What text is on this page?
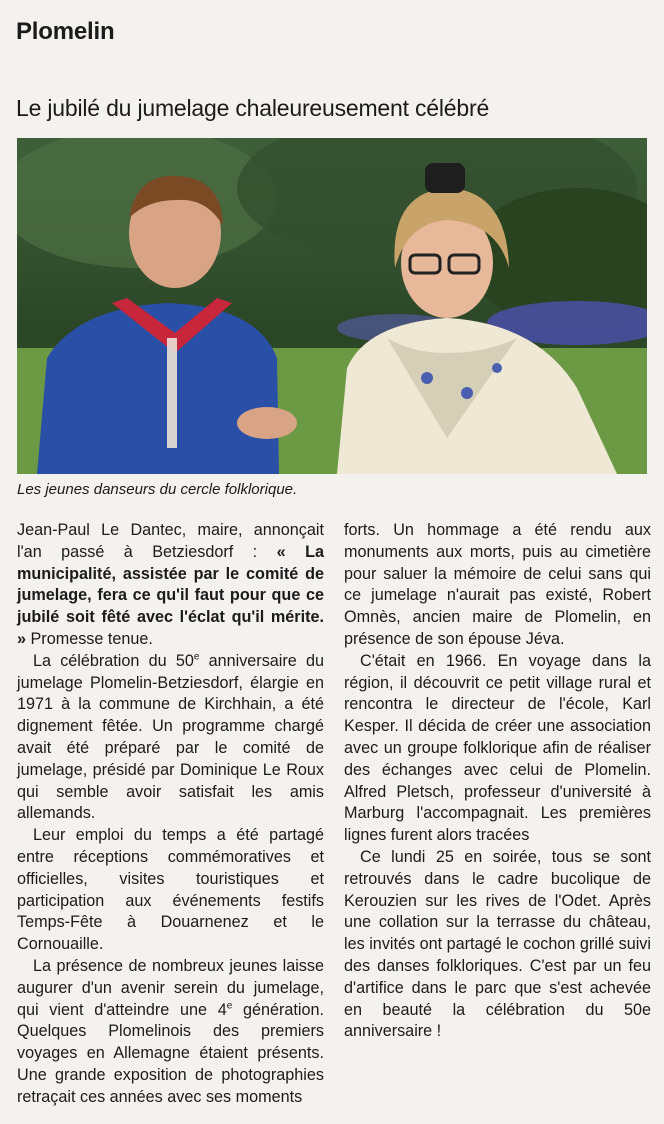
Plomelin
Le jubilé du jumelage chaleureusement célébré
Les jeunes danseurs du cercle folklorique.

Jean-Paul Le Dantec, maire, annonçait l'an passé à Betziesdorf : « La municipalité, assistée par le comité de jumelage, fera ce qu'il faut pour que ce jubilé soit fêté avec l'éclat qu'il mérite. » Promesse tenue.

La célébration du 50e anniversaire du jumelage Plomelin-Betziesdorf, élargie en 1971 à la commune de Kirchhain, a été dignement fêtée. Un programme chargé avait été préparé par le comité de jumelage, présidé par Dominique Le Roux qui semble avoir satisfait les amis allemands.

Leur emploi du temps a été partagé entre réceptions commémoratives et officielles, visites touristiques et participation aux événements festifs Temps-Fête à Douarnenez et le Cornouaille.

La présence de nombreux jeunes laisse augurer d'un avenir serein du jumelage, qui vient d'atteindre une 4e génération. Quelques Plomelinois des premiers voyages en Allemagne étaient présents. Une grande exposition de photographies retraçait ces années avec ses moments

forts. Un hommage a été rendu aux monuments aux morts, puis au cimetière pour saluer la mémoire de celui sans qui ce jumelage n'aurait pas existé, Robert Omnès, ancien maire de Plomelin, en présence de son épouse Jéva.

C'était en 1966. En voyage dans la région, il découvrit ce petit village rural et rencontra le directeur de l'école, Karl Kesper. Il décida de créer une association avec un groupe folklorique afin de réaliser des échanges avec celui de Plomelin. Alfred Pletsch, professeur d'université à Marburg l'accompagnait. Les premières lignes furent alors tracées

Ce lundi 25 en soirée, tous se sont retrouvés dans le cadre bucolique de Kerouzien sur les rives de l'Odet. Après une collation sur la terrasse du château, les invités ont partagé le cochon grillé suivi des danses folkloriques. C'est par un feu d'artifice dans le parc que s'est achevée en beauté la célébration du 50e anniversaire !
